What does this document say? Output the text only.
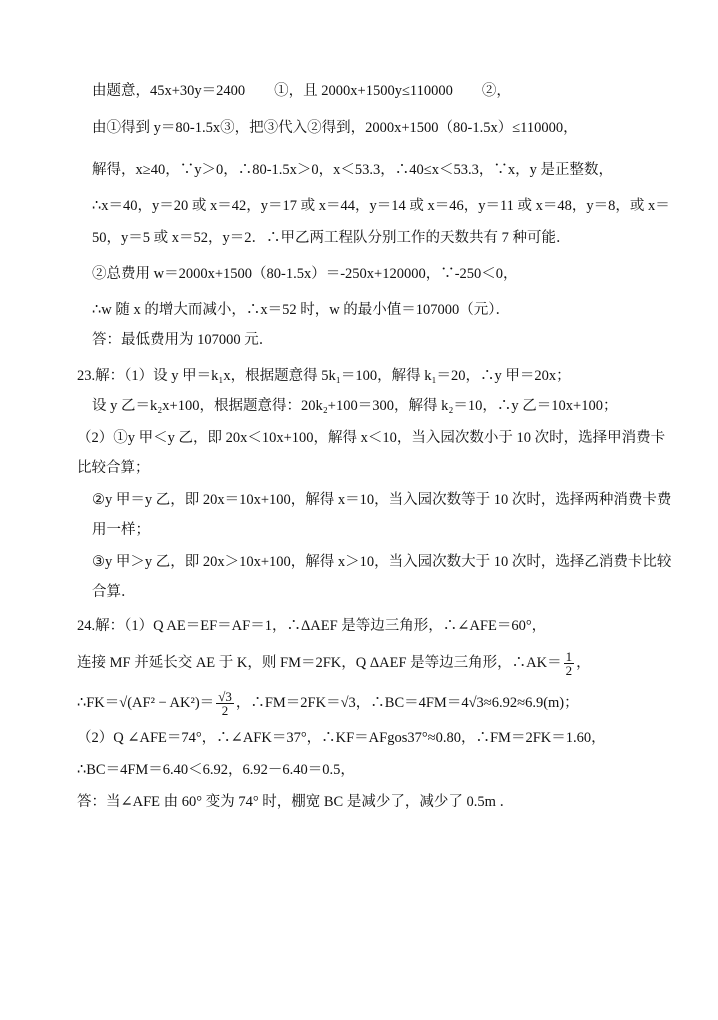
由题意，45x+30y＝2400　　①，且 2000x+1500y≤110000　　②，
由①得到 y＝80-1.5x③，把③代入②得到，2000x+1500（80-1.5x）≤110000，
解得，x≥40，∵y＞0，∴80-1.5x＞0，x＜53.3，∴40≤x＜53.3，∵x，y 是正整数，
∴x＝40，y＝20 或 x＝42，y＝17 或 x＝44，y＝14 或 x＝46，y＝11 或 x＝48，y＝8，或 x＝
50，y＝5 或 x＝52，y＝2．∴甲乙两工程队分别工作的天数共有 7 种可能．
②总费用 w＝2000x+1500（80-1.5x）＝-250x+120000，∵-250＜0，
∴w 随 x 的增大而减小，∴x＝52 时，w 的最小值＝107000（元）．
答：最低费用为 107000 元．
23.解：（1）设 y 甲＝k₁x，根据题意得 5k₁＝100，解得 k₁＝20，∴y 甲＝20x；
设 y 乙＝k₂x+100，根据题意得：20k₂+100＝300，解得 k₂＝10，∴y 乙＝10x+100；
（2）①y 甲＜y 乙，即 20x＜10x+100，解得 x＜10，当入园次数小于 10 次时，选择甲消费卡
比较合算；
②y 甲＝y 乙，即 20x＝10x+100，解得 x＝10，当入园次数等于 10 次时，选择两种消费卡费
用一样；
③y 甲＞y 乙，即 20x＞10x+100，解得 x＞10，当入园次数大于 10 次时，选择乙消费卡比较
合算．
24.解：（1）Q AE＝EF＝AF＝1，∴ΔAEF 是等边三角形，∴∠AFE＝60°，
连接 MF 并延长交 AE 于 K，则 FM＝2FK，Q ΔAEF 是等边三角形，∴AK＝ $\frac{1}{2}$ ，
∴FK＝√(AF² − $AK^2)= \frac{√3}{2}$ ，∴FM＝2FK＝√3，∴BC＝4FM＝4√3≈6.92≈6.9(m)；
（2）Q ∠AFE＝74°，∴∠AFK＝37°，∴KF＝AFgos37°≈0.80，∴FM＝2FK＝1.60，
∴BC＝4FM＝6.40＜6.92，6.92－6.40＝0.5，
答：当∠AFE 由 60° 变为 74° 时，棚宽 BC 是减少了，减少了 0.5m ．
